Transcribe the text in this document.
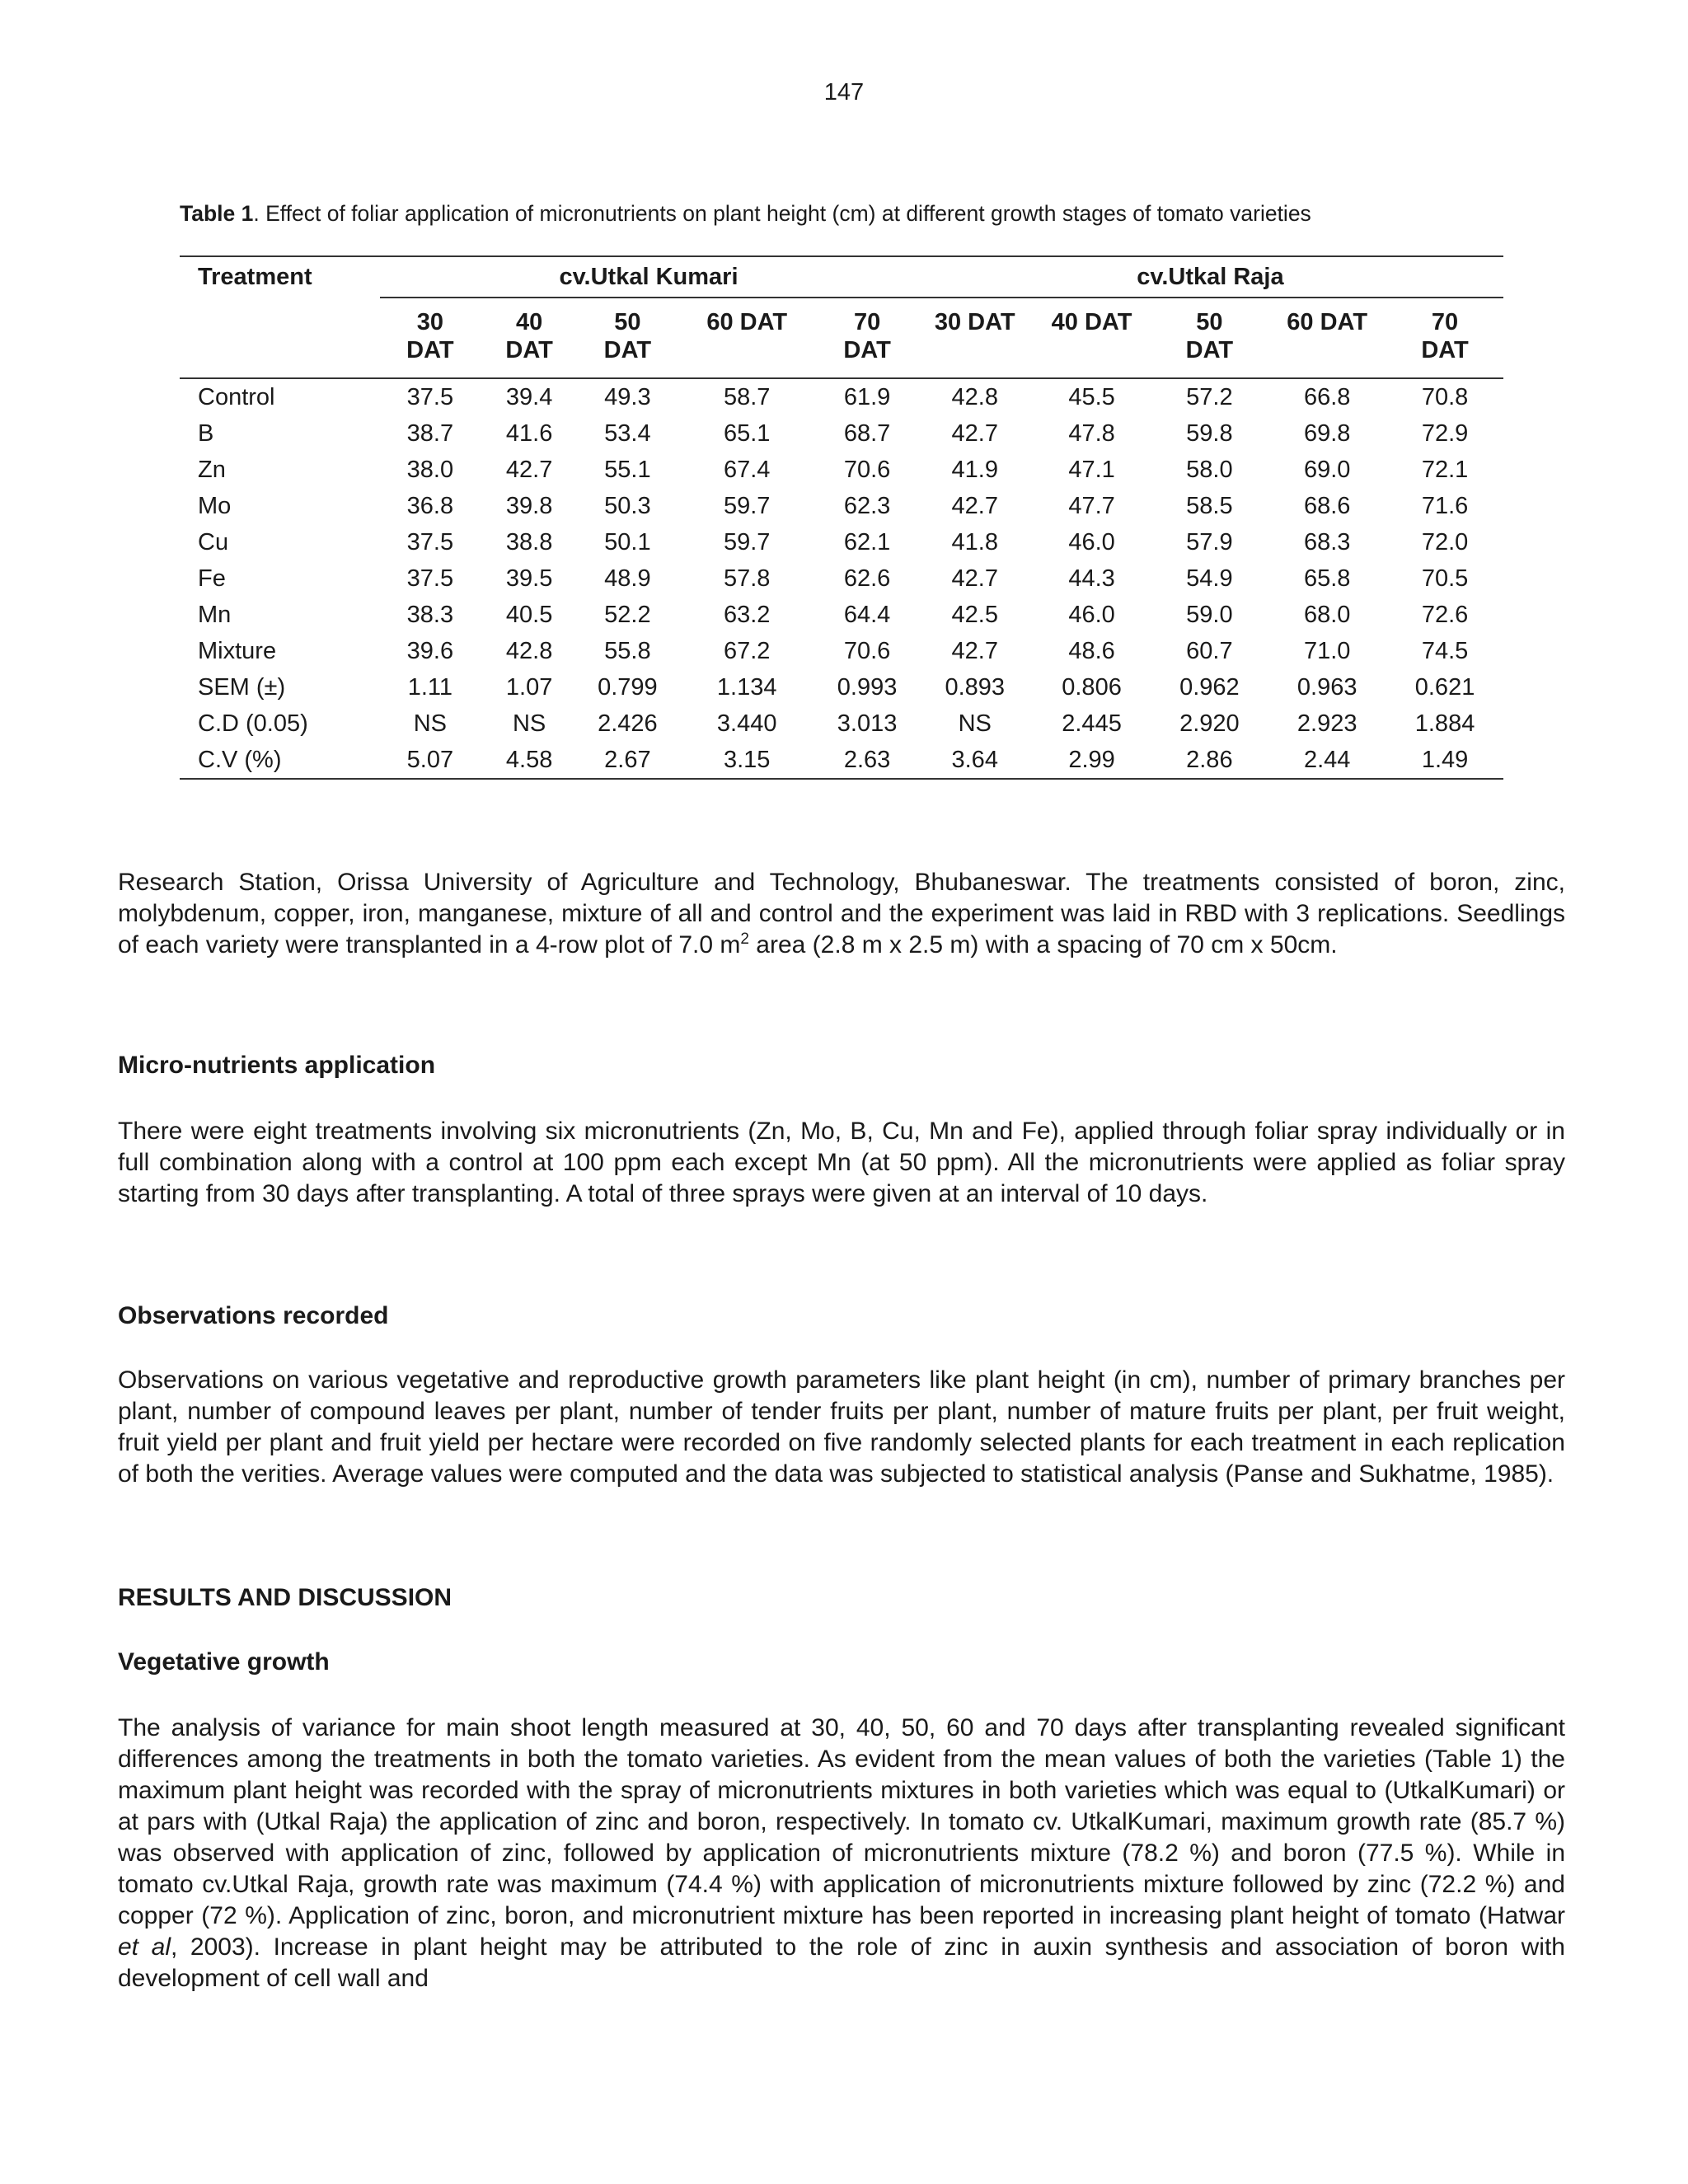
147
Table 1. Effect of foliar application of micronutrients on plant height (cm) at different growth stages of tomato varieties
Treatment	cv.Utkal Kumari					cv.Utkal Raja				
	30 DAT	40 DAT	50 DAT	60 DAT	70 DAT	30 DAT	40 DAT	50 DAT	60 DAT	70 DAT
Control	37.5	39.4	49.3	58.7	61.9	42.8	45.5	57.2	66.8	70.8
B	38.7	41.6	53.4	65.1	68.7	42.7	47.8	59.8	69.8	72.9
Zn	38.0	42.7	55.1	67.4	70.6	41.9	47.1	58.0	69.0	72.1
Mo	36.8	39.8	50.3	59.7	62.3	42.7	47.7	58.5	68.6	71.6
Cu	37.5	38.8	50.1	59.7	62.1	41.8	46.0	57.9	68.3	72.0
Fe	37.5	39.5	48.9	57.8	62.6	42.7	44.3	54.9	65.8	70.5
Mn	38.3	40.5	52.2	63.2	64.4	42.5	46.0	59.0	68.0	72.6
Mixture	39.6	42.8	55.8	67.2	70.6	42.7	48.6	60.7	71.0	74.5
SEM (±)	1.11	1.07	0.799	1.134	0.993	0.893	0.806	0.962	0.963	0.621
C.D (0.05)	NS	NS	2.426	3.440	3.013	NS	2.445	2.920	2.923	1.884
C.V (%)	5.07	4.58	2.67	3.15	2.63	3.64	2.99	2.86	2.44	1.49
Research Station, Orissa University of Agriculture and Technology, Bhubaneswar. The treatments consisted of boron, zinc, molybdenum, copper, iron, manganese, mixture of all and control and the experiment was laid in RBD with 3 replications. Seedlings of each variety were transplanted in a 4-row plot of 7.0 $m^2$ area (2.8 m x 2.5 m) with a spacing of 70 cm x 50cm.
Micro-nutrients application
There were eight treatments involving six micronutrients (Zn, Mo, B, Cu, Mn and Fe), applied through foliar spray individually or in full combination along with a control at 100 ppm each except Mn (at 50 ppm). All the micronutrients were applied as foliar spray starting from 30 days after transplanting. A total of three sprays were given at an interval of 10 days.
Observations recorded
Observations on various vegetative and reproductive growth parameters like plant height (in cm), number of primary branches per plant, number of compound leaves per plant, number of tender fruits per plant, number of mature fruits per plant, per fruit weight, fruit yield per plant and fruit yield per hectare were recorded on five randomly selected plants for each treatment in each replication of both the verities. Average values were computed and the data was subjected to statistical analysis (Panse and Sukhatme, 1985).
RESULTS AND DISCUSSION
Vegetative growth
The analysis of variance for main shoot length measured at 30, 40, 50, 60 and 70 days after transplanting revealed significant differences among the treatments in both the tomato varieties. As evident from the mean values of both the varieties (Table 1) the maximum plant height was recorded with the spray of micronutrients mixtures in both varieties which was equal to (UtkalKumari) or at pars with (Utkal Raja) the application of zinc and boron, respectively. In tomato cv. UtkalKumari, maximum growth rate (85.7 %) was observed with application of zinc, followed by application of micronutrients mixture (78.2 %) and boron (77.5 %). While in tomato cv.Utkal Raja, growth rate was maximum (74.4 %) with application of micronutrients mixture followed by zinc (72.2 %) and copper (72 %). Application of zinc, boron, and micronutrient mixture has been reported in increasing plant height of tomato (Hatwar et al, 2003). Increase in plant height may be attributed to the role of zinc in auxin synthesis and association of boron with development of cell wall and
